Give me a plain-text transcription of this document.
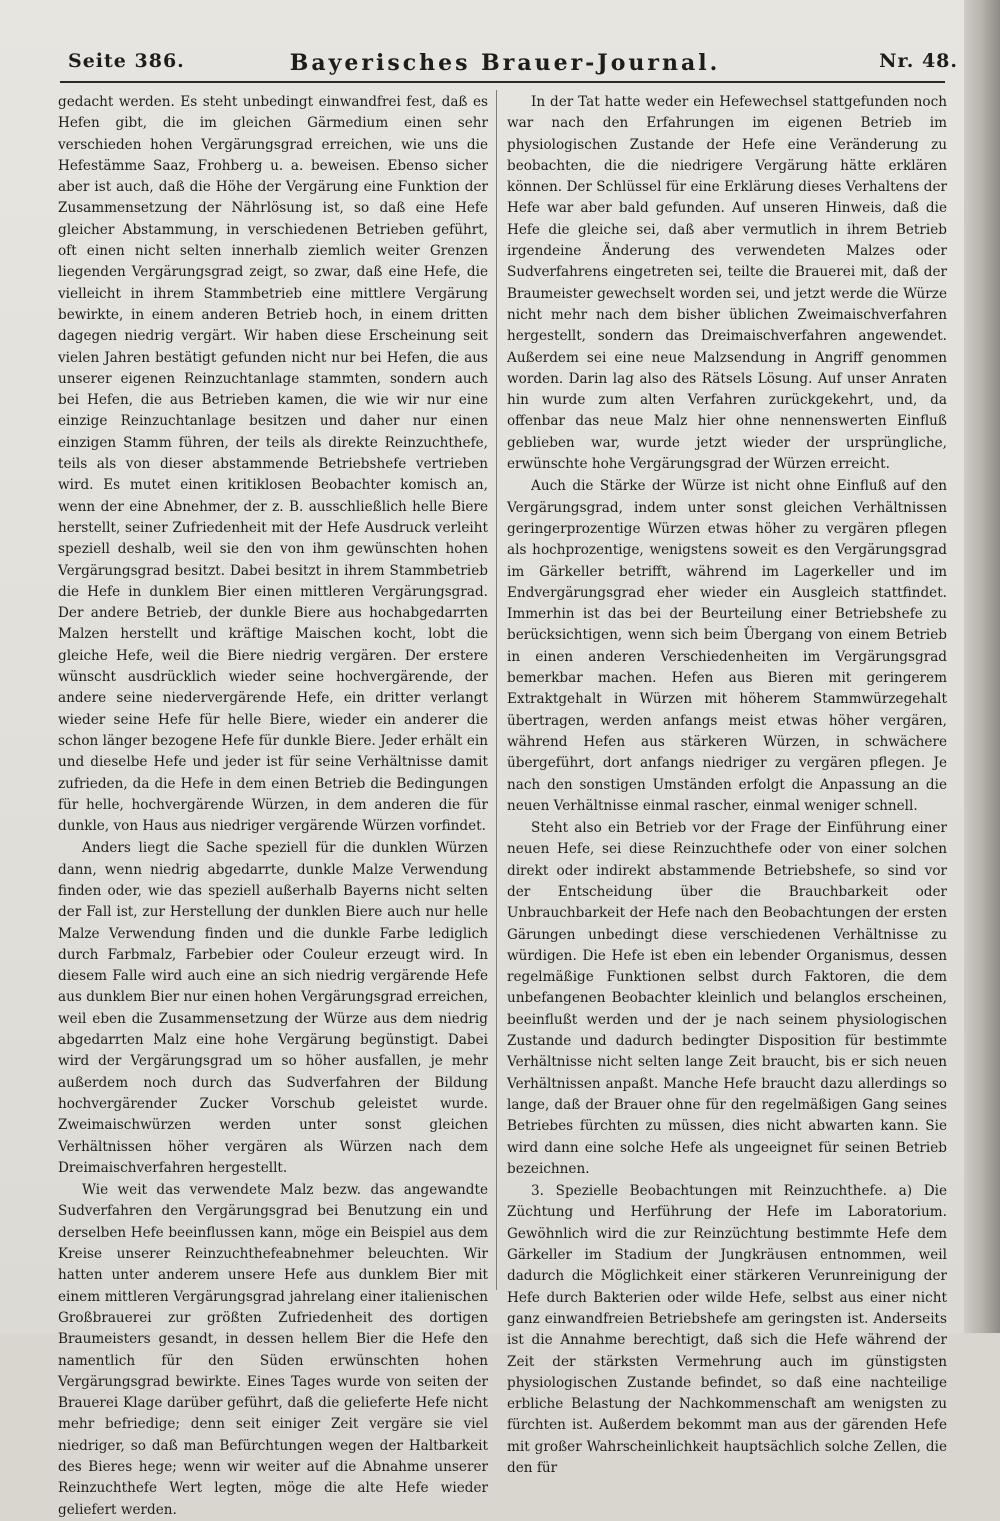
Seite 386.	Bayerisches Brauer-Journal.	Nr. 48.

gedacht werden. Es steht unbedingt einwandfrei fest, daß es Hefen gibt, die im gleichen Gärmedium einen sehr verschieden hohen Vergärungsgrad erreichen, wie uns die Hefestämme Saaz, Frohberg u. a. beweisen. Ebenso sicher aber ist auch, daß die Höhe der Vergärung eine Funktion der Zusammensetzung der Nährlösung ist, so daß eine Hefe gleicher Abstammung, in verschiedenen Betrieben geführt, oft einen nicht selten innerhalb ziemlich weiter Grenzen liegenden Vergärungsgrad zeigt, so zwar, daß eine Hefe, die vielleicht in ihrem Stammbetrieb eine mittlere Vergärung bewirkte, in einem anderen Betrieb hoch, in einem dritten dagegen niedrig vergärt. Wir haben diese Erscheinung seit vielen Jahren bestätigt gefunden nicht nur bei Hefen, die aus unserer eigenen Reinzuchtanlage stammten, sondern auch bei Hefen, die aus Betrieben kamen, die wie wir nur eine einzige Reinzuchtanlage besitzen und daher nur einen einzigen Stamm führen, der teils als direkte Reinzuchthefe, teils als von dieser abstammende Betriebshefe vertrieben wird. Es mutet einen kritiklosen Beobachter komisch an, wenn der eine Abnehmer, der z. B. ausschließlich helle Biere herstellt, seiner Zufriedenheit mit der Hefe Ausdruck verleiht speziell deshalb, weil sie den von ihm gewünschten hohen Vergärungsgrad besitzt. Dabei besitzt in ihrem Stammbetrieb die Hefe in dunklem Bier einen mittleren Vergärungsgrad. Der andere Betrieb, der dunkle Biere aus hochabgedarrten Malzen herstellt und kräftige Maischen kocht, lobt die gleiche Hefe, weil die Biere niedrig vergären. Der erstere wünscht ausdrücklich wieder seine hochvergärende, der andere seine niedervergärende Hefe, ein dritter verlangt wieder seine Hefe für helle Biere, wieder ein anderer die schon länger bezogene Hefe für dunkle Biere. Jeder erhält ein und dieselbe Hefe und jeder ist für seine Verhältnisse damit zufrieden, da die Hefe in dem einen Betrieb die Bedingungen für helle, hochvergärende Würzen, in dem anderen die für dunkle, von Haus aus niedriger vergärende Würzen vorfindet.

Anders liegt die Sache speziell für die dunklen Würzen dann, wenn niedrig abgedarrte, dunkle Malze Verwendung finden oder, wie das speziell außerhalb Bayerns nicht selten der Fall ist, zur Herstellung der dunklen Biere auch nur helle Malze Verwendung finden und die dunkle Farbe lediglich durch Farbmalz, Farbebier oder Couleur erzeugt wird. In diesem Falle wird auch eine an sich niedrig vergärende Hefe aus dunklem Bier nur einen hohen Vergärungsgrad erreichen, weil eben die Zusammensetzung der Würze aus dem niedrig abgedarrten Malz eine hohe Vergärung begünstigt. Dabei wird der Vergärungsgrad um so höher ausfallen, je mehr außerdem noch durch das Sudverfahren der Bildung hochvergärender Zucker Vorschub geleistet wurde. Zweimaischwürzen werden unter sonst gleichen Verhältnissen höher vergären als Würzen nach dem Dreimaischverfahren hergestellt.

Wie weit das verwendete Malz bezw. das angewandte Sudverfahren den Vergärungsgrad bei Benutzung ein und derselben Hefe beeinflussen kann, möge ein Beispiel aus dem Kreise unserer Reinzuchthefeabnehmer beleuchten. Wir hatten unter anderem unsere Hefe aus dunklem Bier mit einem mittleren Vergärungsgrad jahrelang einer italienischen Großbrauerei zur größten Zufriedenheit des dortigen Braumeisters gesandt, in dessen hellem Bier die Hefe den namentlich für den Süden erwünschten hohen Vergärungsgrad bewirkte. Eines Tages wurde von seiten der Brauerei Klage darüber geführt, daß die gelieferte Hefe nicht mehr befriedige; denn seit einiger Zeit vergäre sie viel niedriger, so daß man Befürchtungen wegen der Haltbarkeit des Bieres hege; wenn wir weiter auf die Abnahme unserer Reinzuchthefe Wert legten, möge die alte Hefe wieder geliefert werden.

In der Tat hatte weder ein Hefewechsel stattgefunden noch war nach den Erfahrungen im eigenen Betrieb im physiologischen Zustande der Hefe eine Veränderung zu beobachten, die die niedrigere Vergärung hätte erklären können. Der Schlüssel für eine Erklärung dieses Verhaltens der Hefe war aber bald gefunden. Auf unseren Hinweis, daß die Hefe die gleiche sei, daß aber vermutlich in ihrem Betrieb irgendeine Änderung des verwendeten Malzes oder Sudverfahrens eingetreten sei, teilte die Brauerei mit, daß der Braumeister gewechselt worden sei, und jetzt werde die Würze nicht mehr nach dem bisher üblichen Zweimaischverfahren hergestellt, sondern das Dreimaischverfahren angewendet. Außerdem sei eine neue Malzsendung in Angriff genommen worden. Darin lag also des Rätsels Lösung. Auf unser Anraten hin wurde zum alten Verfahren zurückgekehrt, und, da offenbar das neue Malz hier ohne nennenswerten Einfluß geblieben war, wurde jetzt wieder der ursprüngliche, erwünschte hohe Vergärungsgrad der Würzen erreicht.

Auch die Stärke der Würze ist nicht ohne Einfluß auf den Vergärungsgrad, indem unter sonst gleichen Verhältnissen geringerprozentige Würzen etwas höher zu vergären pflegen als hochprozentige, wenigstens soweit es den Vergärungsgrad im Gärkeller betrifft, während im Lagerkeller und im Endvergärungsgrad eher wieder ein Ausgleich stattfindet. Immerhin ist das bei der Beurteilung einer Betriebshefe zu berücksichtigen, wenn sich beim Übergang von einem Betrieb in einen anderen Verschiedenheiten im Vergärungsgrad bemerkbar machen. Hefen aus Bieren mit geringerem Extraktgehalt in Würzen mit höherem Stammwürzegehalt übertragen, werden anfangs meist etwas höher vergären, während Hefen aus stärkeren Würzen, in schwächere übergeführt, dort anfangs niedriger zu vergären pflegen. Je nach den sonstigen Umständen erfolgt die Anpassung an die neuen Verhältnisse einmal rascher, einmal weniger schnell.

Steht also ein Betrieb vor der Frage der Einführung einer neuen Hefe, sei diese Reinzuchthefe oder von einer solchen direkt oder indirekt abstammende Betriebshefe, so sind vor der Entscheidung über die Brauchbarkeit oder Unbrauchbarkeit der Hefe nach den Beobachtungen der ersten Gärungen unbedingt diese verschiedenen Verhältnisse zu würdigen. Die Hefe ist eben ein lebender Organismus, dessen regelmäßige Funktionen selbst durch Faktoren, die dem unbefangenen Beobachter kleinlich und belanglos erscheinen, beeinflußt werden und der je nach seinem physiologischen Zustande und dadurch bedingter Disposition für bestimmte Verhältnisse nicht selten lange Zeit braucht, bis er sich neuen Verhältnissen anpaßt. Manche Hefe braucht dazu allerdings so lange, daß der Brauer ohne für den regelmäßigen Gang seines Betriebes fürchten zu müssen, dies nicht abwarten kann. Sie wird dann eine solche Hefe als ungeeignet für seinen Betrieb bezeichnen.

3. Spezielle Beobachtungen mit Reinzuchthefe. a) Die Züchtung und Herführung der Hefe im Laboratorium. Gewöhnlich wird die zur Reinzüchtung bestimmte Hefe dem Gärkeller im Stadium der Jungkräusen entnommen, weil dadurch die Möglichkeit einer stärkeren Verunreinigung der Hefe durch Bakterien oder wilde Hefe, selbst aus einer nicht ganz einwandfreien Betriebshefe am geringsten ist. Anderseits ist die Annahme berechtigt, daß sich die Hefe während der Zeit der stärksten Vermehrung auch im günstigsten physiologischen Zustande befindet, so daß eine nachteilige erbliche Belastung der Nachkommenschaft am wenigsten zu fürchten ist. Außerdem bekommt man aus der gärenden Hefe mit großer Wahrscheinlichkeit hauptsächlich solche Zellen, die den für
